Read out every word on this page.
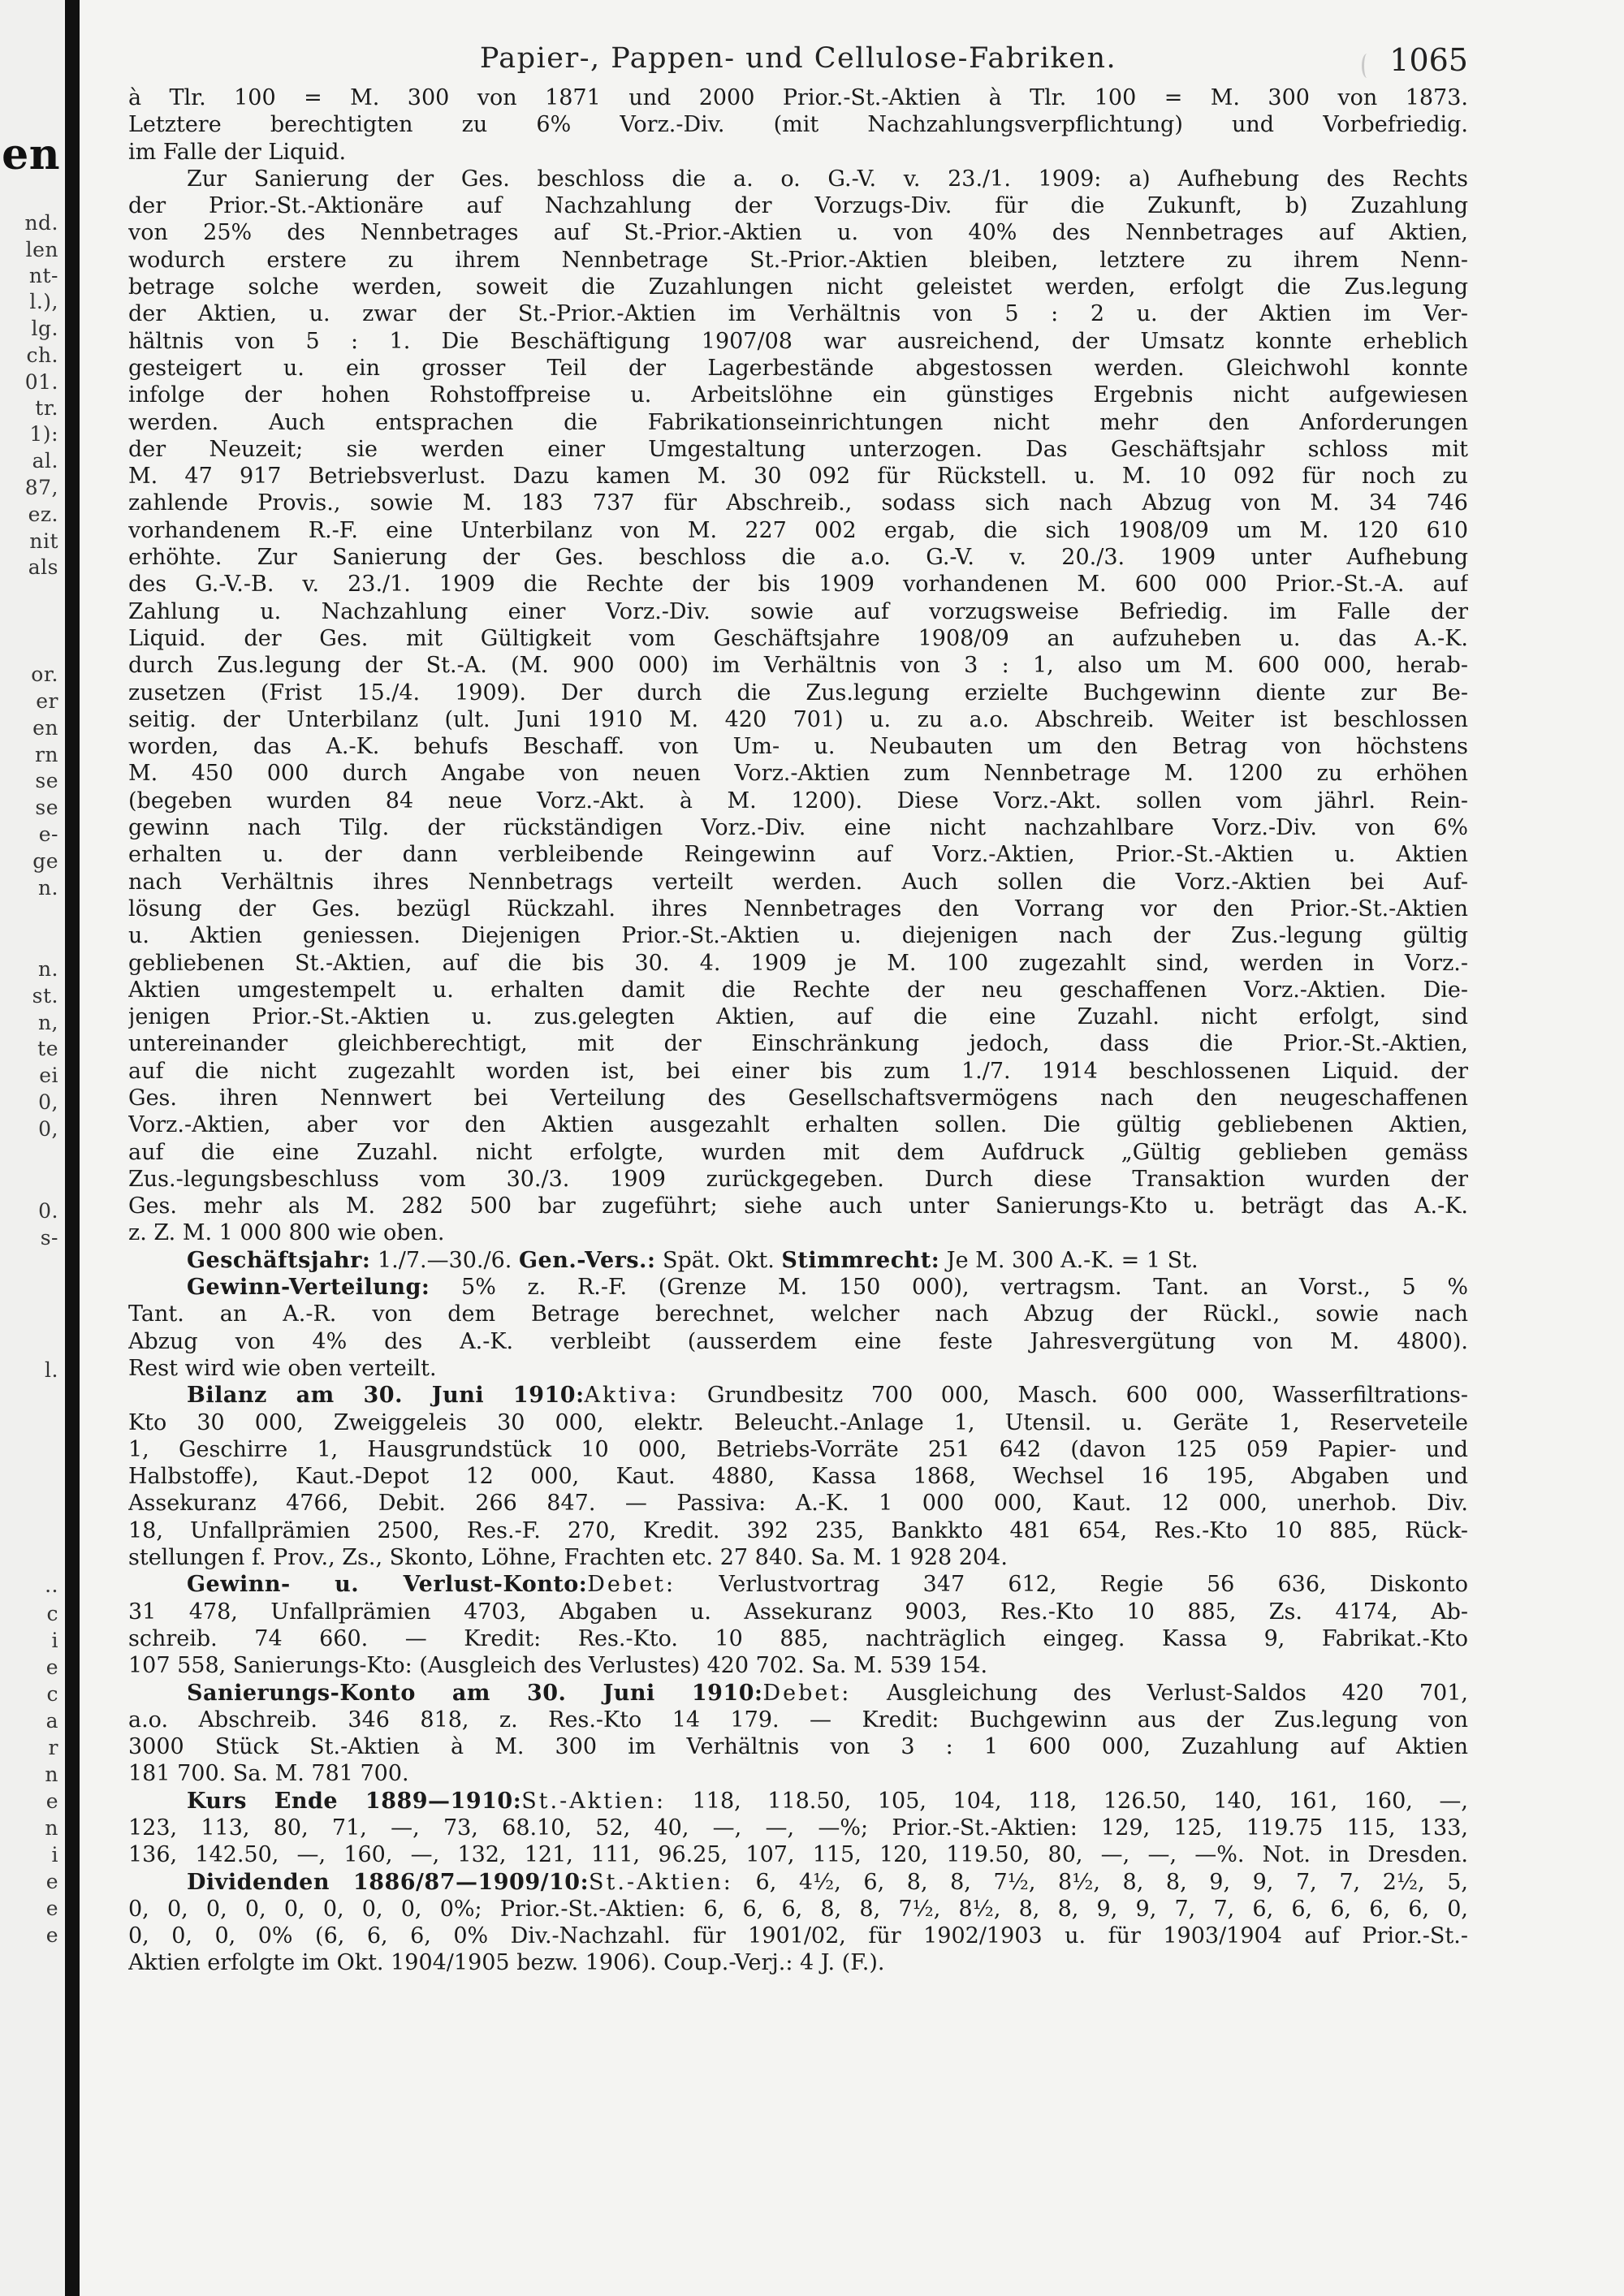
en
nd.
len
nt-
l.),
lg.
ch.
01.
tr.
1):
al.
87,
ez.
nit
als
or.
er
en
rn
se
se
e-
ge
n.
n.
st.
n,
te
ei
0,
0,
0.
s-
l.
..
c
i
e
c
a
r
n
e
n
i
e
e
e
Papier-, Pappen- und Cellulose-Fabriken.	1065
à Tlr. 100 = M. 300 von 1871 und 2000 Prior.-St.-Aktien à Tlr. 100 = M. 300 von 1873.
Letztere berechtigten zu 6% Vorz.-Div. (mit Nachzahlungsverpflichtung) und Vorbefriedig.
im Falle der Liquid.
Zur Sanierung der Ges. beschloss die a. o. G.-V. v. 23./1. 1909: a) Aufhebung des Rechts
der Prior.-St.-Aktionäre auf Nachzahlung der Vorzugs-Div. für die Zukunft, b) Zuzahlung
von 25% des Nennbetrages auf St.-Prior.-Aktien u. von 40% des Nennbetrages auf Aktien,
wodurch erstere zu ihrem Nennbetrage St.-Prior.-Aktien bleiben, letztere zu ihrem Nenn-
betrage solche werden, soweit die Zuzahlungen nicht geleistet werden, erfolgt die Zus.legung
der Aktien, u. zwar der St.-Prior.-Aktien im Verhältnis von 5 : 2 u. der Aktien im Ver-
hältnis von 5 : 1. Die Beschäftigung 1907/08 war ausreichend, der Umsatz konnte erheblich
gesteigert u. ein grosser Teil der Lagerbestände abgestossen werden. Gleichwohl konnte
infolge der hohen Rohstoffpreise u. Arbeitslöhne ein günstiges Ergebnis nicht aufgewiesen
werden. Auch entsprachen die Fabrikationseinrichtungen nicht mehr den Anforderungen
der Neuzeit; sie werden einer Umgestaltung unterzogen. Das Geschäftsjahr schloss mit
M. 47 917 Betriebsverlust. Dazu kamen M. 30 092 für Rückstell. u. M. 10 092 für noch zu
zahlende Provis., sowie M. 183 737 für Abschreib., sodass sich nach Abzug von M. 34 746
vorhandenem R.-F. eine Unterbilanz von M. 227 002 ergab, die sich 1908/09 um M. 120 610
erhöhte. Zur Sanierung der Ges. beschloss die a.o. G.-V. v. 20./3. 1909 unter Aufhebung
des G.-V.-B. v. 23./1. 1909 die Rechte der bis 1909 vorhandenen M. 600 000 Prior.-St.-A. auf
Zahlung u. Nachzahlung einer Vorz.-Div. sowie auf vorzugsweise Befriedig. im Falle der
Liquid. der Ges. mit Gültigkeit vom Geschäftsjahre 1908/09 an aufzuheben u. das A.-K.
durch Zus.legung der St.-A. (M. 900 000) im Verhältnis von 3 : 1, also um M. 600 000, herab-
zusetzen (Frist 15./4. 1909). Der durch die Zus.legung erzielte Buchgewinn diente zur Be-
seitig. der Unterbilanz (ult. Juni 1910 M. 420 701) u. zu a.o. Abschreib. Weiter ist beschlossen
worden, das A.-K. behufs Beschaff. von Um- u. Neubauten um den Betrag von höchstens
M. 450 000 durch Angabe von neuen Vorz.-Aktien zum Nennbetrage M. 1200 zu erhöhen
(begeben wurden 84 neue Vorz.-Akt. à M. 1200). Diese Vorz.-Akt. sollen vom jährl. Rein-
gewinn nach Tilg. der rückständigen Vorz.-Div. eine nicht nachzahlbare Vorz.-Div. von 6%
erhalten u. der dann verbleibende Reingewinn auf Vorz.-Aktien, Prior.-St.-Aktien u. Aktien
nach Verhältnis ihres Nennbetrags verteilt werden. Auch sollen die Vorz.-Aktien bei Auf-
lösung der Ges. bezügl Rückzahl. ihres Nennbetrages den Vorrang vor den Prior.-St.-Aktien
u. Aktien geniessen. Diejenigen Prior.-St.-Aktien u. diejenigen nach der Zus.-legung gültig
gebliebenen St.-Aktien, auf die bis 30. 4. 1909 je M. 100 zugezahlt sind, werden in Vorz.-
Aktien umgestempelt u. erhalten damit die Rechte der neu geschaffenen Vorz.-Aktien. Die-
jenigen Prior.-St.-Aktien u. zus.gelegten Aktien, auf die eine Zuzahl. nicht erfolgt, sind
untereinander gleichberechtigt, mit der Einschränkung jedoch, dass die Prior.-St.-Aktien,
auf die nicht zugezahlt worden ist, bei einer bis zum 1./7. 1914 beschlossenen Liquid. der
Ges. ihren Nennwert bei Verteilung des Gesellschaftsvermögens nach den neugeschaffenen
Vorz.-Aktien, aber vor den Aktien ausgezahlt erhalten sollen. Die gültig gebliebenen Aktien,
auf die eine Zuzahl. nicht erfolgte, wurden mit dem Aufdruck „Gültig geblieben gemäss
Zus.-legungsbeschluss vom 30./3. 1909 zurückgegeben. Durch diese Transaktion wurden der
Ges. mehr als M. 282 500 bar zugeführt; siehe auch unter Sanierungs-Kto u. beträgt das A.-K.
z. Z. M. 1 000 800 wie oben.
Geschäftsjahr: 1./7.—30./6. Gen.-Vers.: Spät. Okt. Stimmrecht: Je M. 300 A.-K. = 1 St.
Gewinn-Verteilung: 5% z. R.-F. (Grenze M. 150 000), vertragsm. Tant. an Vorst., 5 %
Tant. an A.-R. von dem Betrage berechnet, welcher nach Abzug der Rückl., sowie nach
Abzug von 4% des A.-K. verbleibt (ausserdem eine feste Jahresvergütung von M. 4800).
Rest wird wie oben verteilt.
Bilanz am 30. Juni 1910:Aktiva: Grundbesitz 700 000, Masch. 600 000, Wasserfiltrations-
Kto 30 000, Zweiggeleis 30 000, elektr. Beleucht.-Anlage 1, Utensil. u. Geräte 1, Reserveteile
1, Geschirre 1, Hausgrundstück 10 000, Betriebs-Vorräte 251 642 (davon 125 059 Papier- und
Halbstoffe), Kaut.-Depot 12 000, Kaut. 4880, Kassa 1868, Wechsel 16 195, Abgaben und
Assekuranz 4766, Debit. 266 847. — Passiva: A.-K. 1 000 000, Kaut. 12 000, unerhob. Div.
18, Unfallprämien 2500, Res.-F. 270, Kredit. 392 235, Bankkto 481 654, Res.-Kto 10 885, Rück-
stellungen f. Prov., Zs., Skonto, Löhne, Frachten etc. 27 840. Sa. M. 1 928 204.
Gewinn- u. Verlust-Konto:Debet: Verlustvortrag 347 612, Regie 56 636, Diskonto
31 478, Unfallprämien 4703, Abgaben u. Assekuranz 9003, Res.-Kto 10 885, Zs. 4174, Ab-
schreib. 74 660. — Kredit: Res.-Kto. 10 885, nachträglich eingeg. Kassa 9, Fabrikat.-Kto
107 558, Sanierungs-Kto: (Ausgleich des Verlustes) 420 702. Sa. M. 539 154.
Sanierungs-Konto am 30. Juni 1910:Debet: Ausgleichung des Verlust-Saldos 420 701,
a.o. Abschreib. 346 818, z. Res.-Kto 14 179. — Kredit: Buchgewinn aus der Zus.legung von
3000 Stück St.-Aktien à M. 300 im Verhältnis von 3 : 1 600 000, Zuzahlung auf Aktien
181 700. Sa. M. 781 700.
Kurs Ende 1889—1910:St.-Aktien: 118, 118.50, 105, 104, 118, 126.50, 140, 161, 160, —,
123, 113, 80, 71, —, 73, 68.10, 52, 40, —, —, —%; Prior.-St.-Aktien: 129, 125, 119.75 115, 133,
136, 142.50, —, 160, —, 132, 121, 111, 96.25, 107, 115, 120, 119.50, 80, —, —, —%. Not. in Dresden.
Dividenden 1886/87—1909/10:St.-Aktien: 6, 4½, 6, 8, 8, 7½, 8½, 8, 8, 9, 9, 7, 7, 2½, 5,
0, 0, 0, 0, 0, 0, 0, 0, 0%; Prior.-St.-Aktien: 6, 6, 6, 8, 8, 7½, 8½, 8, 8, 9, 9, 7, 7, 6, 6, 6, 6, 6, 0,
0, 0, 0, 0% (6, 6, 6, 0% Div.-Nachzahl. für 1901/02, für 1902/1903 u. für 1903/1904 auf Prior.-St.-
Aktien erfolgte im Okt. 1904/1905 bezw. 1906). Coup.-Verj.: 4 J. (F.).
